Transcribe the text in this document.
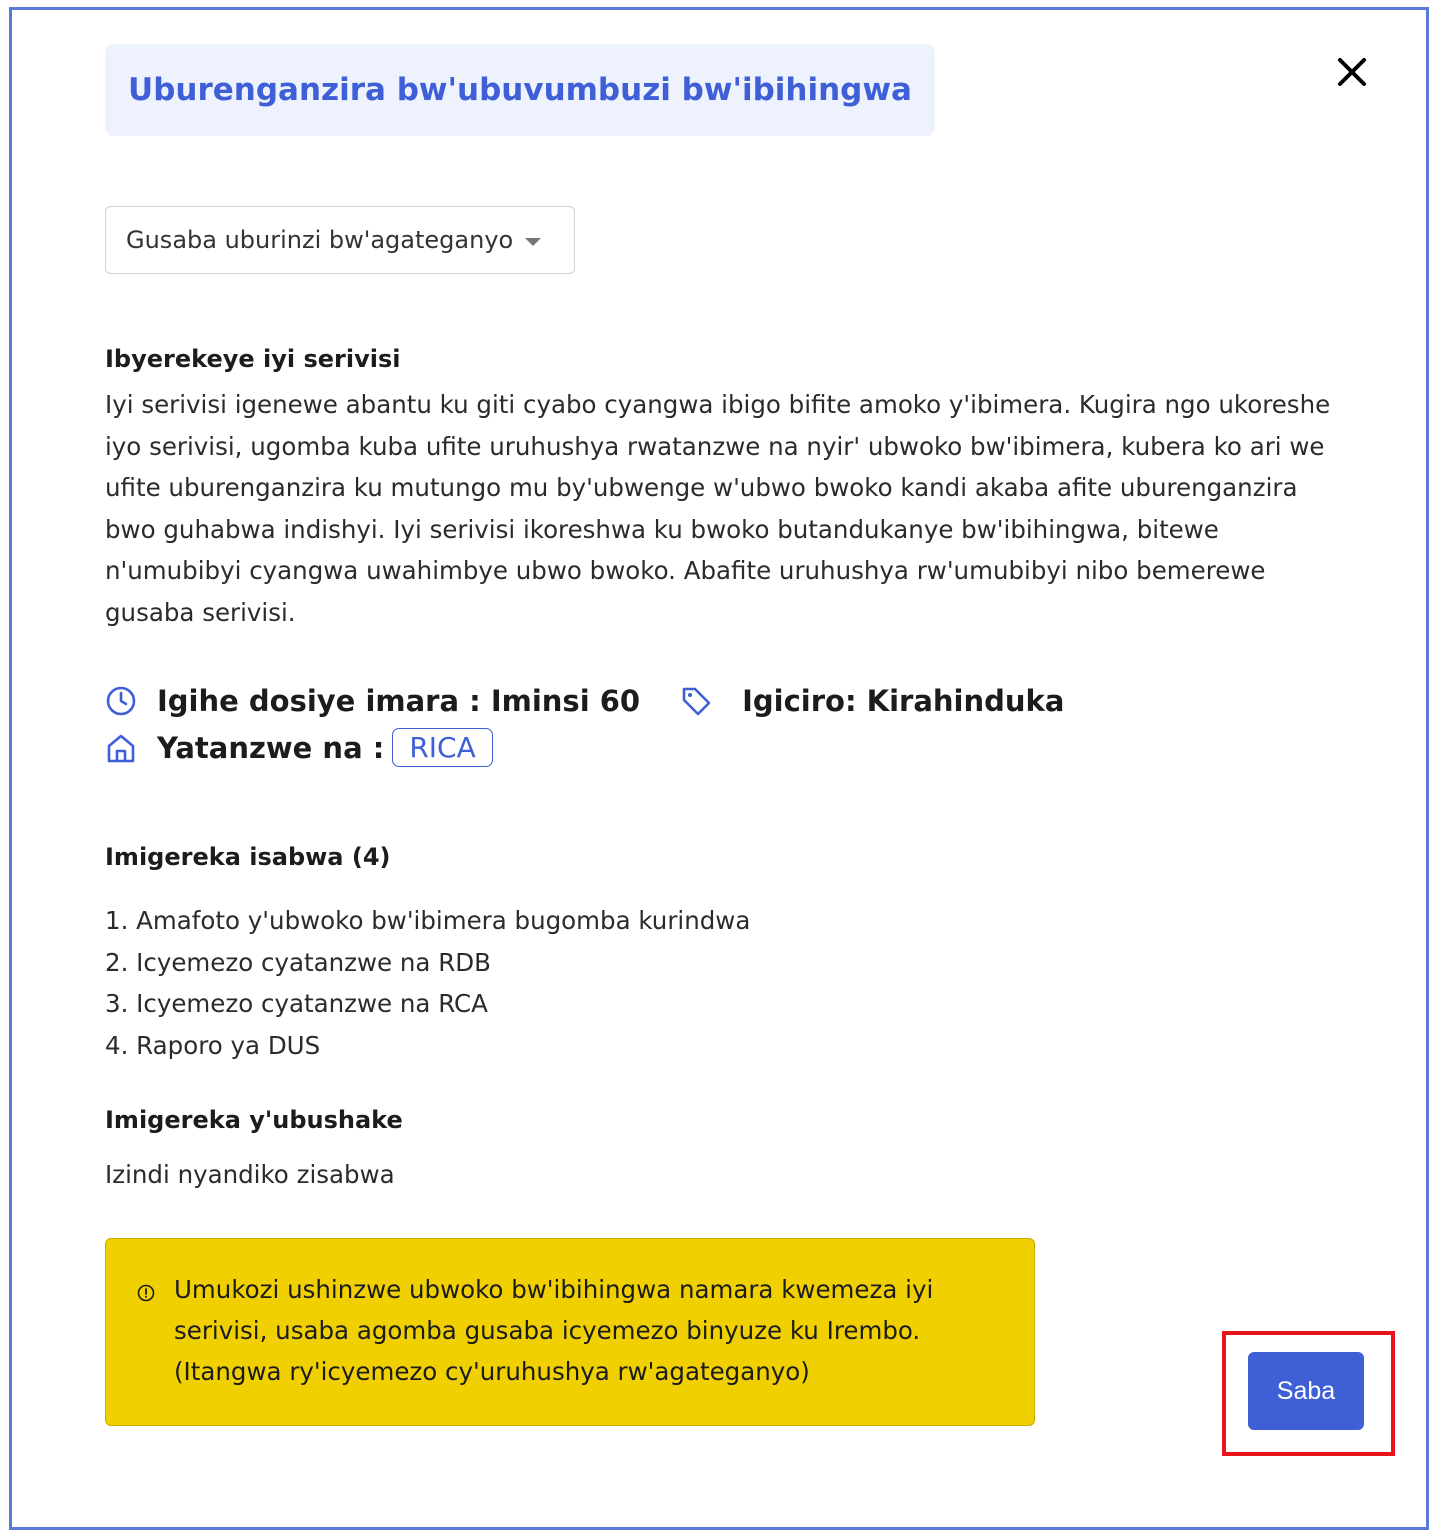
Uburenganzira bw'ubuvumbuzi bw'ibihingwa
Gusaba uburinzi bw'agateganyo
Ibyerekeye iyi serivisi
Iyi serivisi igenewe abantu ku giti cyabo cyangwa ibigo bifite amoko y'ibimera. Kugira ngo ukoreshe iyo serivisi, ugomba kuba ufite uruhushya rwatanzwe na nyir' ubwoko bw'ibimera, kubera ko ari we ufite uburenganzira ku mutungo mu by'ubwenge w'ubwo bwoko kandi akaba afite uburenganzira bwo guhabwa indishyi. Iyi serivisi ikoreshwa ku bwoko butandukanye bw'ibihingwa, bitewe n'umubibyi cyangwa uwahimbye ubwo bwoko. Abafite uruhushya rw'umubibyi nibo bemerewe gusaba serivisi.
Igihe dosiye imara : Iminsi 60	Igiciro: Kirahinduka
Yatanzwe na : RICA
Imigereka isabwa (4)
1. Amafoto y'ubwoko bw'ibimera bugomba kurindwa
2. Icyemezo cyatanzwe na RDB
3. Icyemezo cyatanzwe na RCA
4. Raporo ya DUS
Imigereka y'ubushake
Izindi nyandiko zisabwa
Umukozi ushinzwe ubwoko bw'ibihingwa namara kwemeza iyi
serivisi, usaba agomba gusaba icyemezo binyuze ku Irembo.
(Itangwa ry'icyemezo cy'uruhushya rw'agateganyo)
Saba
